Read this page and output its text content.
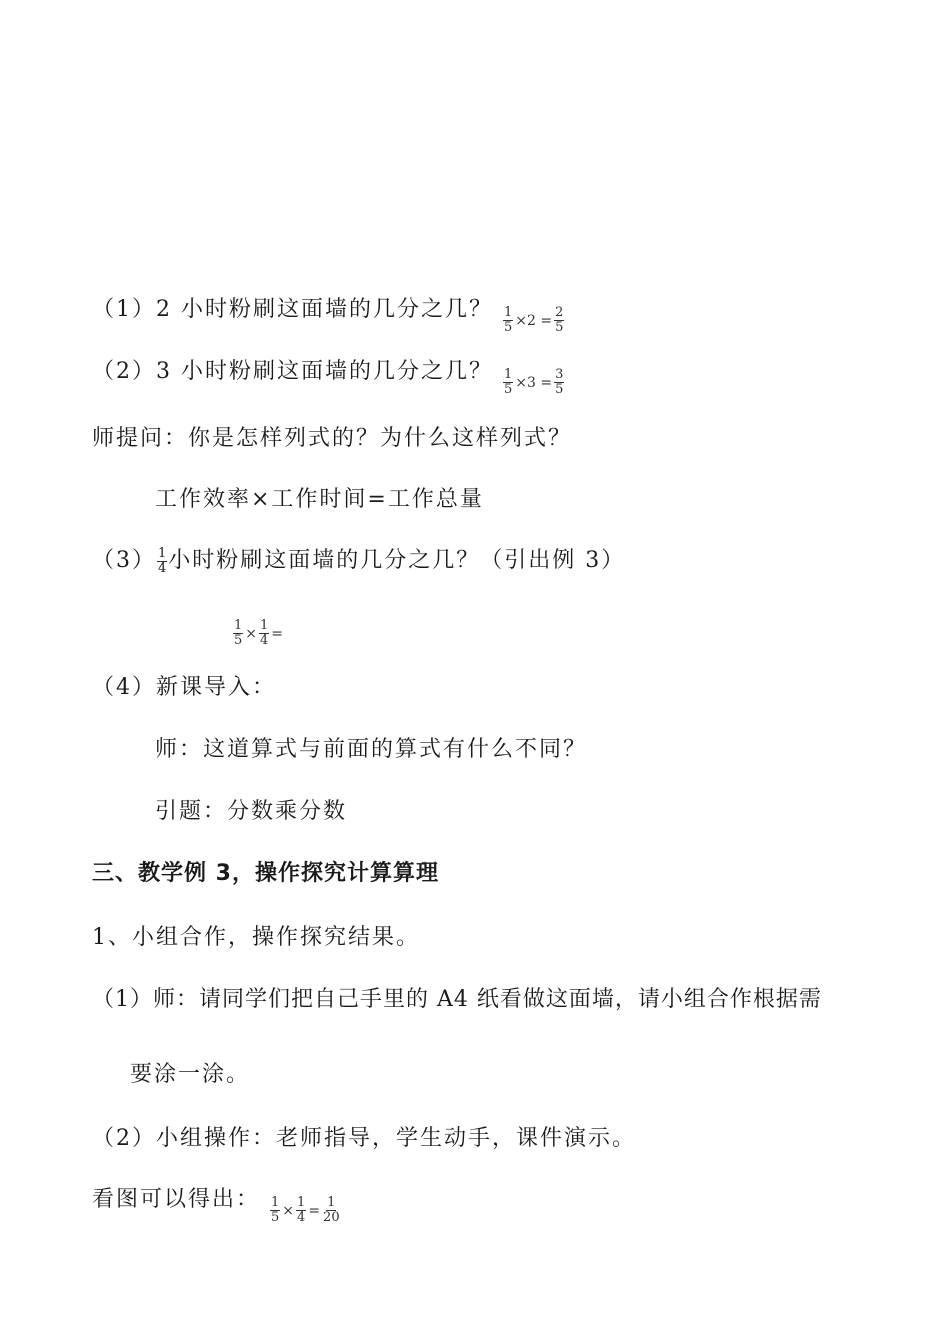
（1）2 小时粉刷这面墙的几分之几？ $\frac{1}{5} \times 2 = \frac{2}{5}$
（2）3 小时粉刷这面墙的几分之几？ $\frac{1}{5} \times 3 = \frac{3}{5}$
师提问：你是怎样列式的？为什么这样列式？
工作效率×工作时间=工作总量
$(3) \frac{1}{4}$ 小时粉刷这面墙的几分之几？（引出例 3）
$\frac{1}{5} \times \frac{1}{4}$ =
（4）新课导入：
师：这道算式与前面的算式有什么不同？
引题：分数乘分数
三、教学例 3，操作探究计算算理
1、小组合作，操作探究结果。
（1）师：请同学们把自己手里的 A4 纸看做这面墙，请小组合作根据需
要涂一涂。
（2）小组操作：老师指导，学生动手，课件演示。
看图可以得出： $\frac{1}{5} \times \frac{1}{4} = \frac{1}{20}$
